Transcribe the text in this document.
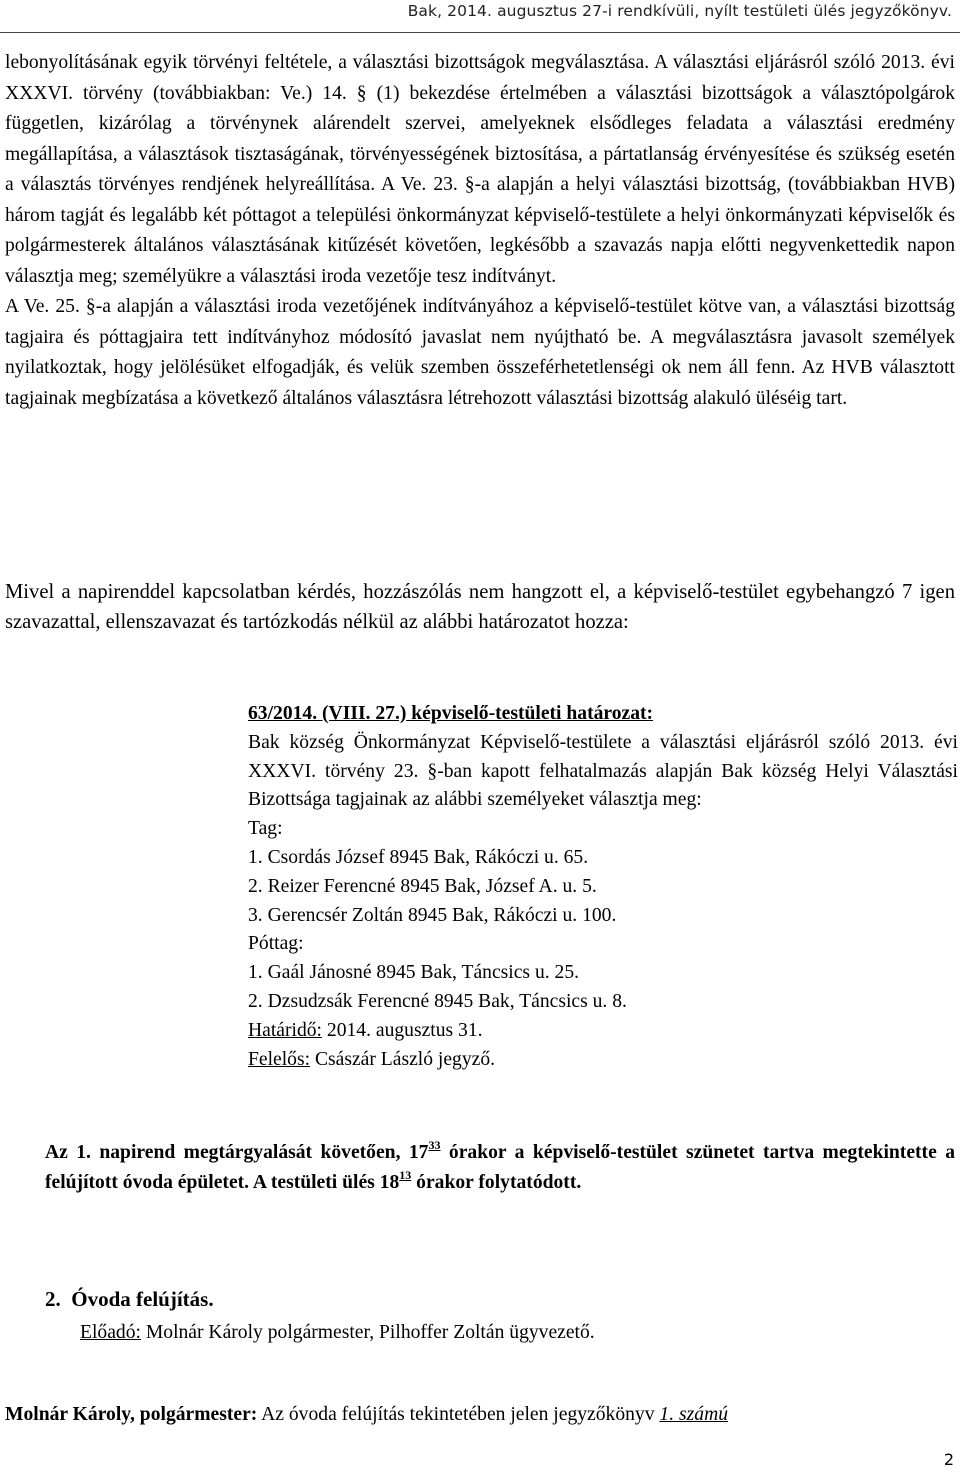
Bak, 2014. augusztus 27-i rendkívüli, nyílt testületi ülés jegyzőkönyv.

lebonyolításának egyik törvényi feltétele, a választási bizottságok megválasztása. A választási eljárásról szóló 2013. évi XXXVI. törvény (továbbiakban: Ve.) 14. § (1) bekezdése értelmében a választási bizottságok a választópolgárok független, kizárólag a törvénynek alárendelt szervei, amelyeknek elsődleges feladata a választási eredmény megállapítása, a választások tisztaságának, törvényességének biztosítása, a pártatlanság érvényesítése és szükség esetén a választás törvényes rendjének helyreállítása. A Ve. 23. §-a alapján a helyi választási bizottság, (továbbiakban HVB) három tagját és legalább két póttagot a települési önkormányzat képviselő-testülete a helyi önkormányzati képviselők és polgármesterek általános választásának kitűzését követően, legkésőbb a szavazás napja előtti negyvenkettedik napon választja meg; személyükre a választási iroda vezetője tesz indítványt.
A Ve. 25. §-a alapján a választási iroda vezetőjének indítványához a képviselő-testület kötve van, a választási bizottság tagjaira és póttagjaira tett indítványhoz módosító javaslat nem nyújtható be. A megválasztásra javasolt személyek nyilatkoztak, hogy jelölésüket elfogadják, és velük szemben összeférhetetlenségi ok nem áll fenn. Az HVB választott tagjainak megbízatása a következő általános választásra létrehozott választási bizottság alakuló üléséig tart.

Mivel a napirenddel kapcsolatban kérdés, hozzászólás nem hangzott el, a képviselő-testület egybehangzó 7 igen szavazattal, ellenszavazat és tartózkodás nélkül az alábbi határozatot hozza:

63/2014. (VIII. 27.) képviselő-testületi határozat:
Bak község Önkormányzat Képviselő-testülete a választási eljárásról szóló 2013. évi XXXVI. törvény 23. §-ban kapott felhatalmazás alapján Bak község Helyi Választási Bizottsága tagjainak az alábbi személyeket választja meg:
Tag:
1. Csordás József 8945 Bak, Rákóczi u. 65.
2. Reizer Ferencné 8945 Bak, József A. u. 5.
3. Gerencsér Zoltán 8945 Bak, Rákóczi u. 100.
Póttag:
1. Gaál Jánosné 8945 Bak, Táncsics u. 25.
2. Dzsudzsák Ferencné 8945 Bak, Táncsics u. 8.
Határidő: 2014. augusztus 31.
Felelős: Császár László jegyző.

Az 1. napirend megtárgyalását követően, $17^{33}$ órakor a képviselő-testület szünetet tartva megtekintette a felújított óvoda épületet. A testületi ülés $18^{13}$ órakor folytatódott.

2. Óvoda felújítás.
Előadó: Molnár Károly polgármester, Pilhoffer Zoltán ügyvezető.
Molnár Károly, polgármester: Az óvoda felújítás tekintetében jelen jegyzőkönyv 1. számú
2
